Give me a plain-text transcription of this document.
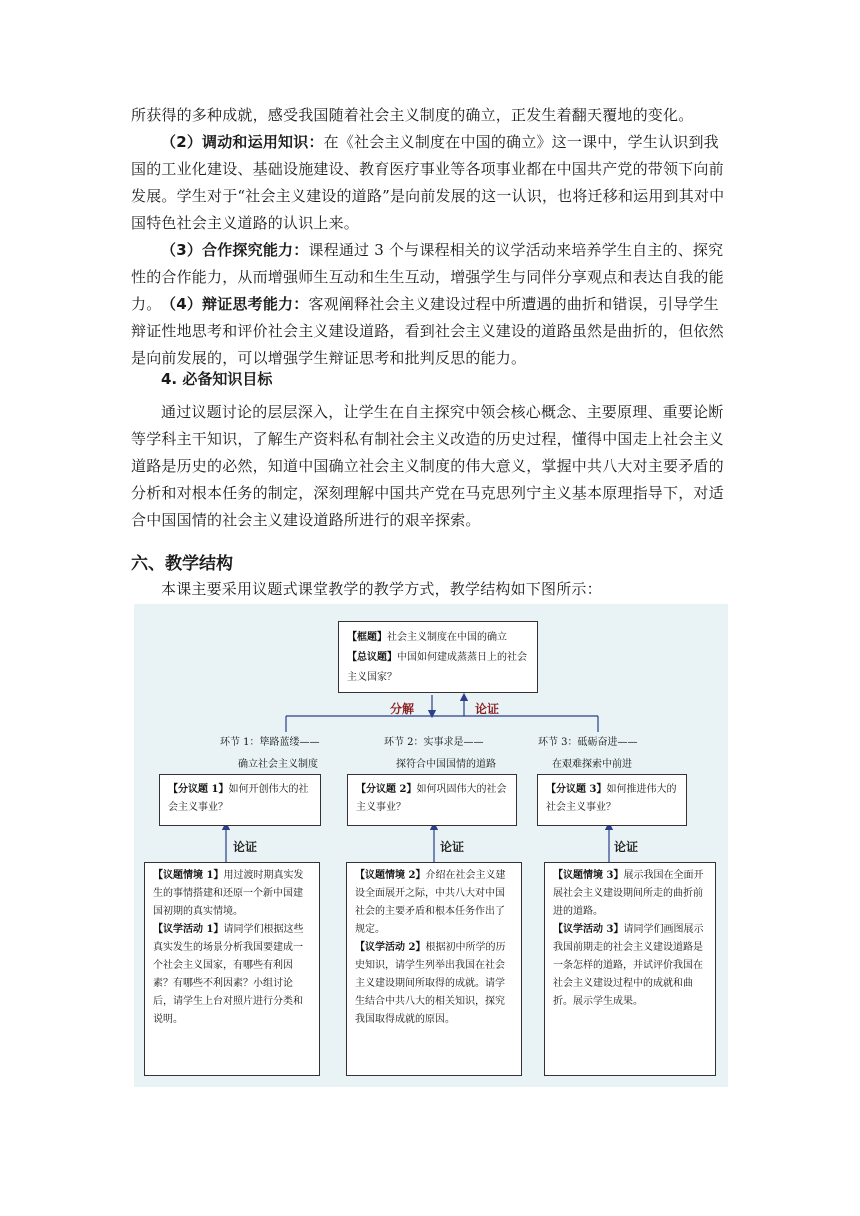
所获得的多种成就，感受我国随着社会主义制度的确立，正发生着翻天覆地的变化。

（2）调动和运用知识：在《社会主义制度在中国的确立》这一课中，学生认识到我国的工业化建设、基础设施建设、教育医疗事业等各项事业都在中国共产党的带领下向前发展。学生对于“社会主义建设的道路”是向前发展的这一认识，也将迁移和运用到其对中国特色社会主义道路的认识上来。

（3）合作探究能力：课程通过 3 个与课程相关的议学活动来培养学生自主的、探究性的合作能力，从而增强师生互动和生生互动，增强学生与同伴分享观点和表达自我的能力。 （4）辩证思考能力：客观阐释社会主义建设过程中所遭遇的曲折和错误，引导学生辩证性地思考和评价社会主义建设道路，看到社会主义建设的道路虽然是曲折的，但依然是向前发展的，可以增强学生辩证思考和批判反思的能力。

4. 必备知识目标

通过议题讨论的层层深入，让学生在自主探究中领会核心概念、主要原理、重要论断等学科主干知识，了解生产资料私有制社会主义改造的历史过程，懂得中国走上社会主义道路是历史的必然，知道中国确立社会主义制度的伟大意义，掌握中共八大对主要矛盾的分析和对根本任务的制定，深刻理解中国共产党在马克思列宁主义基本原理指导下，对适合中国国情的社会主义建设道路所进行的艰辛探索。

六、教学结构

本课主要采用议题式课堂教学的教学方式，教学结构如下图所示：

【框题】社会主义制度在中国的确立
【总议题】中国如何建成蒸蒸日上的社会主义国家？
分解	论证
环节 1：筚路蓝缕——
确立社会主义制度
【分议题 1】如何开创伟大的社会主义事业？
论证
【议题情境 1】用过渡时期真实发生的事情搭建和还原一个新中国建国初期的真实情境。
【议学活动 1】请同学们根据这些真实发生的场景分析我国要建成一个社会主义国家，有哪些有利因素？有哪些不利因素？小组讨论后，请学生上台对照片进行分类和说明。
环节 2：实事求是——
探符合中国国情的道路
【分议题 2】如何巩固伟大的社会主义事业？
论证
【议题情境 2】介绍在社会主义建设全面展开之际，中共八大对中国社会的主要矛盾和根本任务作出了规定。
【议学活动 2】根据初中所学的历史知识，请学生列举出我国在社会主义建设期间所取得的成就。请学生结合中共八大的相关知识，探究我国取得成就的原因。
环节 3：砥砺奋进——
在艰难探索中前进
【分议题 3】如何推进伟大的社会主义事业？
论证
【议题情境 3】展示我国在全面开展社会主义建设期间所走的曲折前进的道路。
【议学活动 3】请同学们画图展示我国前期走的社会主义建设道路是一条怎样的道路，并试评价我国在社会主义建设过程中的成就和曲折。展示学生成果。
